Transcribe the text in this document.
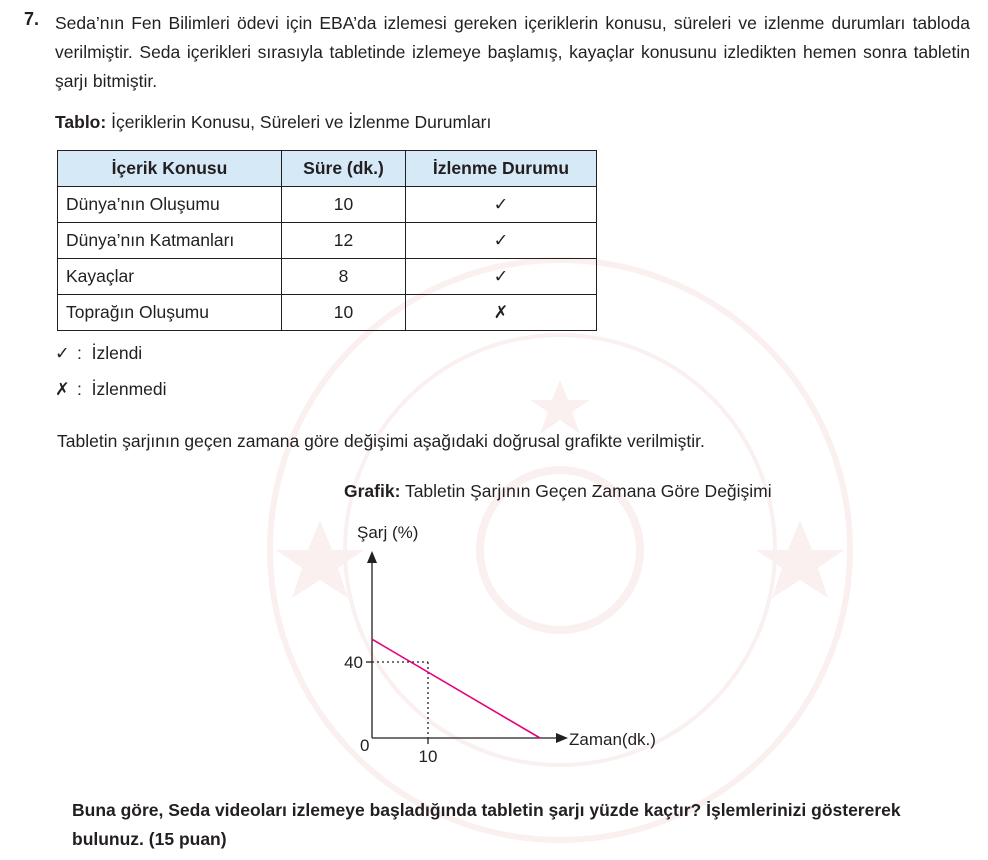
7. Seda’nın Fen Bilimleri ödevi için EBA’da izlemesi gereken içeriklerin konusu, süreleri ve izlenme durumları tabloda verilmiştir. Seda içerikleri sırasıyla tabletinde izlemeye başlamış, kayaçlar konusunu izledikten hemen sonra tabletin şarjı bitmiştir.
Tablo: İçeriklerin Konusu, Süreleri ve İzlenme Durumları
İçerik Konusu	Süre (dk.)	İzlenme Durumu
Dünya’nın Oluşumu	10	✓
Dünya’nın Katmanları	12	✓
Kayaçlar	8	✓
Toprağın Oluşumu	10	✗
✓ : İzlendi
✗ : İzlenmedi
Tabletin şarjının geçen zamana göre değişimi aşağıdaki doğrusal grafikte verilmiştir.
Grafik: Tabletin Şarjının Geçen Zamana Göre Değişimi
Şarj (%)
Zaman(dk.)
0
40
10
Buna göre, Seda videoları izlemeye başladığında tabletin şarjı yüzde kaçtır? İşlemlerinizi göstererek bulunuz. (15 puan)
